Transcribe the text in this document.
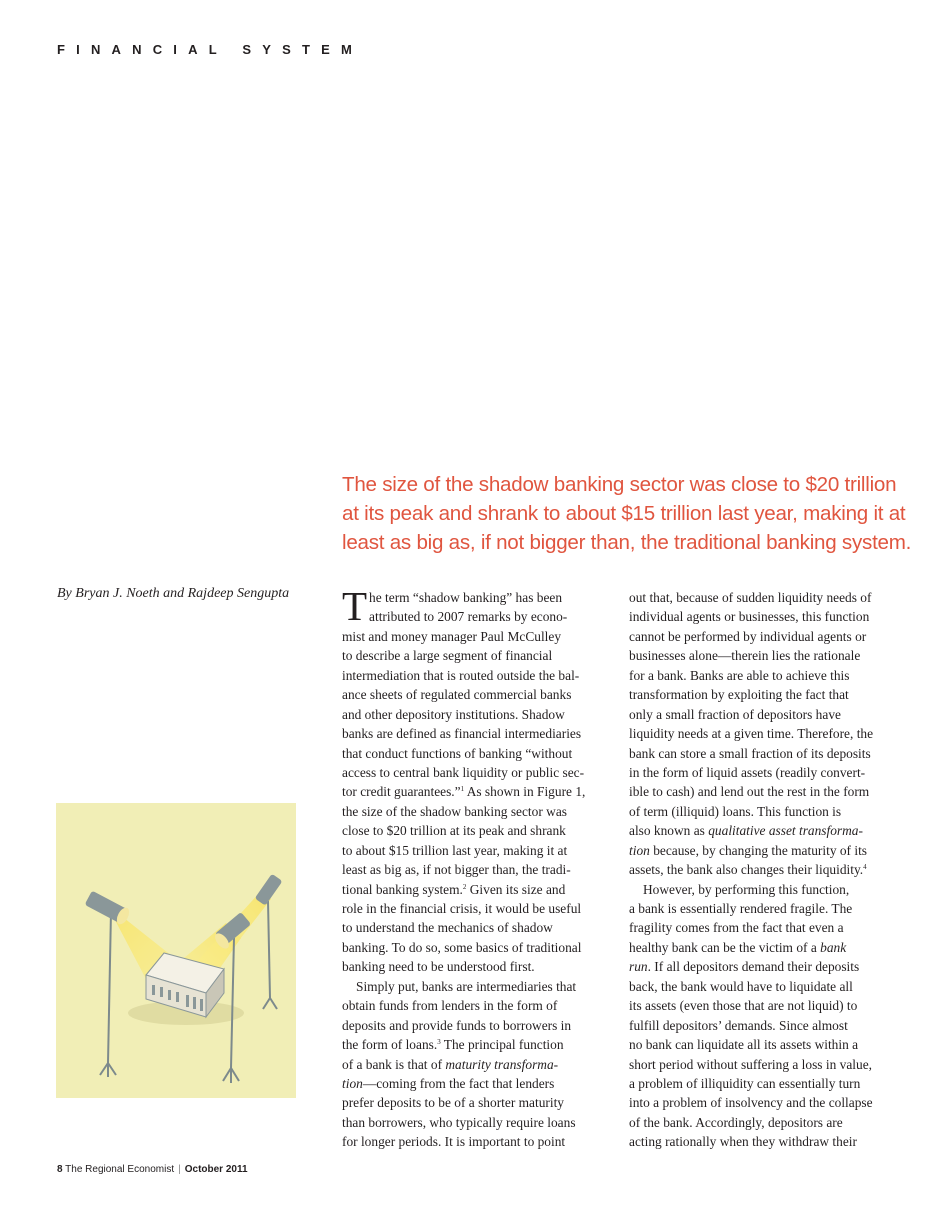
FINANCIAL SYSTEM
The size of the shadow banking sector was close to $20 trillion
at its peak and shrank to about $15 trillion last year, making it at
least as big as, if not bigger than, the traditional banking system.
By Bryan J. Noeth and Rajdeep Sengupta T he term “shadow banking” has been
attributed to 2007 remarks by econo-
mist and money manager Paul McCulley
to describe a large segment of financial
intermediation that is routed outside the bal-
ance sheets of regulated commercial banks
and other depository institutions. Shadow
banks are defined as financial intermediaries
that conduct functions of banking “without
access to central bank liquidity or public sec-
tor credit guarantees.”$^1$ As shown in Figure 1,
the size of the shadow banking sector was
close to $20 trillion at its peak and shrank
to about $15 trillion last year, making it at
least as big as, if not bigger than, the tradi-
tional banking system.$^2$ Given its size and
role in the financial crisis, it would be useful
to understand the mechanics of shadow
banking. To do so, some basics of traditional
banking need to be understood first.
Simply put, banks are intermediaries that
obtain funds from lenders in the form of
deposits and provide funds to borrowers in
the form of loans.$^3$ The principal function
of a bank is that of maturity transforma-
tion—coming from the fact that lenders
prefer deposits to be of a shorter maturity
than borrowers, who typically require loans
for longer periods. It is important to point
out that, because of sudden liquidity needs of
individual agents or businesses, this function
cannot be performed by individual agents or
businesses alone—therein lies the rationale
for a bank. Banks are able to achieve this
transformation by exploiting the fact that
only a small fraction of depositors have
liquidity needs at a given time. Therefore, the
bank can store a small fraction of its deposits
in the form of liquid assets (readily convert-
ible to cash) and lend out the rest in the form
of term (illiquid) loans. This function is
also known as qualitative asset transforma-
tion because, by changing the maturity of its
assets, the bank also changes their liquidity.$^4$
However, by performing this function,
a bank is essentially rendered fragile. The
fragility comes from the fact that even a
healthy bank can be the victim of a bank
run. If all depositors demand their deposits
back, the bank would have to liquidate all
its assets (even those that are not liquid) to
fulfill depositors’ demands. Since almost
no bank can liquidate all its assets within a
short period without suffering a loss in value,
a problem of illiquidity can essentially turn
into a problem of insolvency and the collapse
of the bank. Accordingly, depositors are
acting rationally when they withdraw their
8 The Regional Economist | October 2011
